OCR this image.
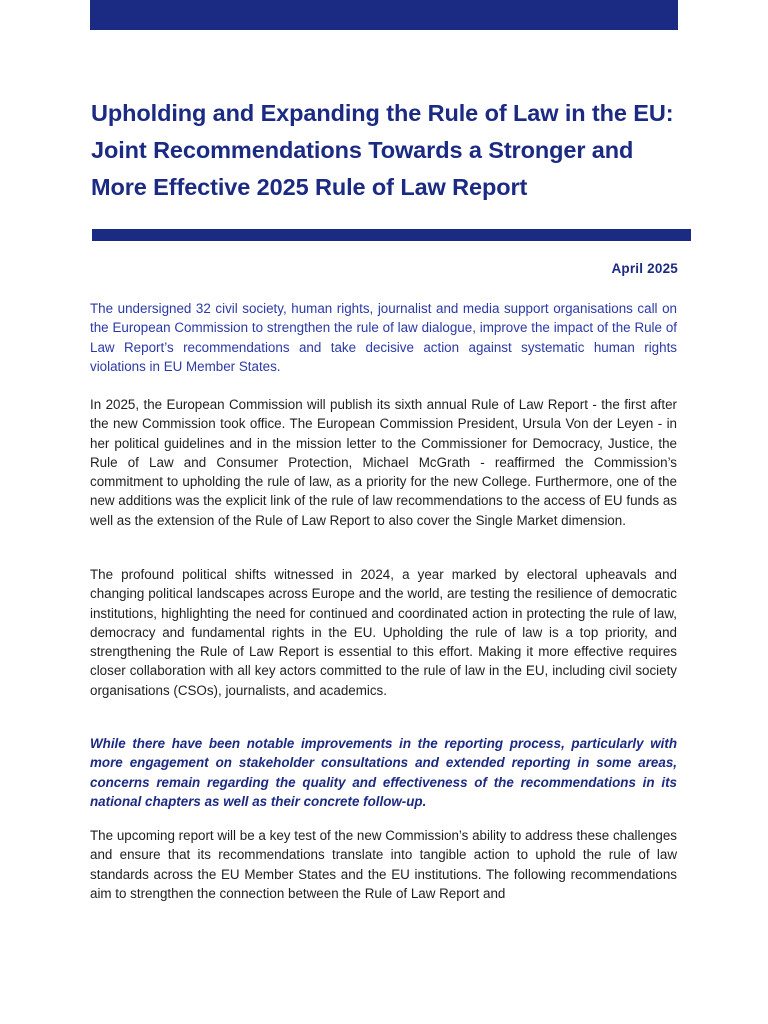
Upholding and Expanding the Rule of Law in the EU: Joint Recommendations Towards a Stronger and More Effective 2025 Rule of Law Report
April 2025

The undersigned 32 civil society, human rights, journalist and media support organisations call on the European Commission to strengthen the rule of law dialogue, improve the impact of the Rule of Law Report’s recommendations and take decisive action against systematic human rights violations in EU Member States.

In 2025, the European Commission will publish its sixth annual Rule of Law Report - the first after the new Commission took office. The European Commission President, Ursula Von der Leyen - in her political guidelines and in the mission letter to the Commissioner for Democracy, Justice, the Rule of Law and Consumer Protection, Michael McGrath - reaffirmed the Commission’s commitment to upholding the rule of law, as a priority for the new College. Furthermore, one of the new additions was the explicit link of the rule of law recommendations to the access of EU funds as well as the extension of the Rule of Law Report to also cover the Single Market dimension.

The profound political shifts witnessed in 2024, a year marked by electoral upheavals and changing political landscapes across Europe and the world, are testing the resilience of democratic institutions, highlighting the need for continued and coordinated action in protecting the rule of law, democracy and fundamental rights in the EU. Upholding the rule of law is a top priority, and strengthening the Rule of Law Report is essential to this effort. Making it more effective requires closer collaboration with all key actors committed to the rule of law in the EU, including civil society organisations (CSOs), journalists, and academics.

While there have been notable improvements in the reporting process, particularly with more engagement on stakeholder consultations and extended reporting in some areas, concerns remain regarding the quality and effectiveness of the recommendations in its national chapters as well as their concrete follow-up.

The upcoming report will be a key test of the new Commission’s ability to address these challenges and ensure that its recommendations translate into tangible action to uphold the rule of law standards across the EU Member States and the EU institutions. The following recommendations aim to strengthen the connection between the Rule of Law Report and
